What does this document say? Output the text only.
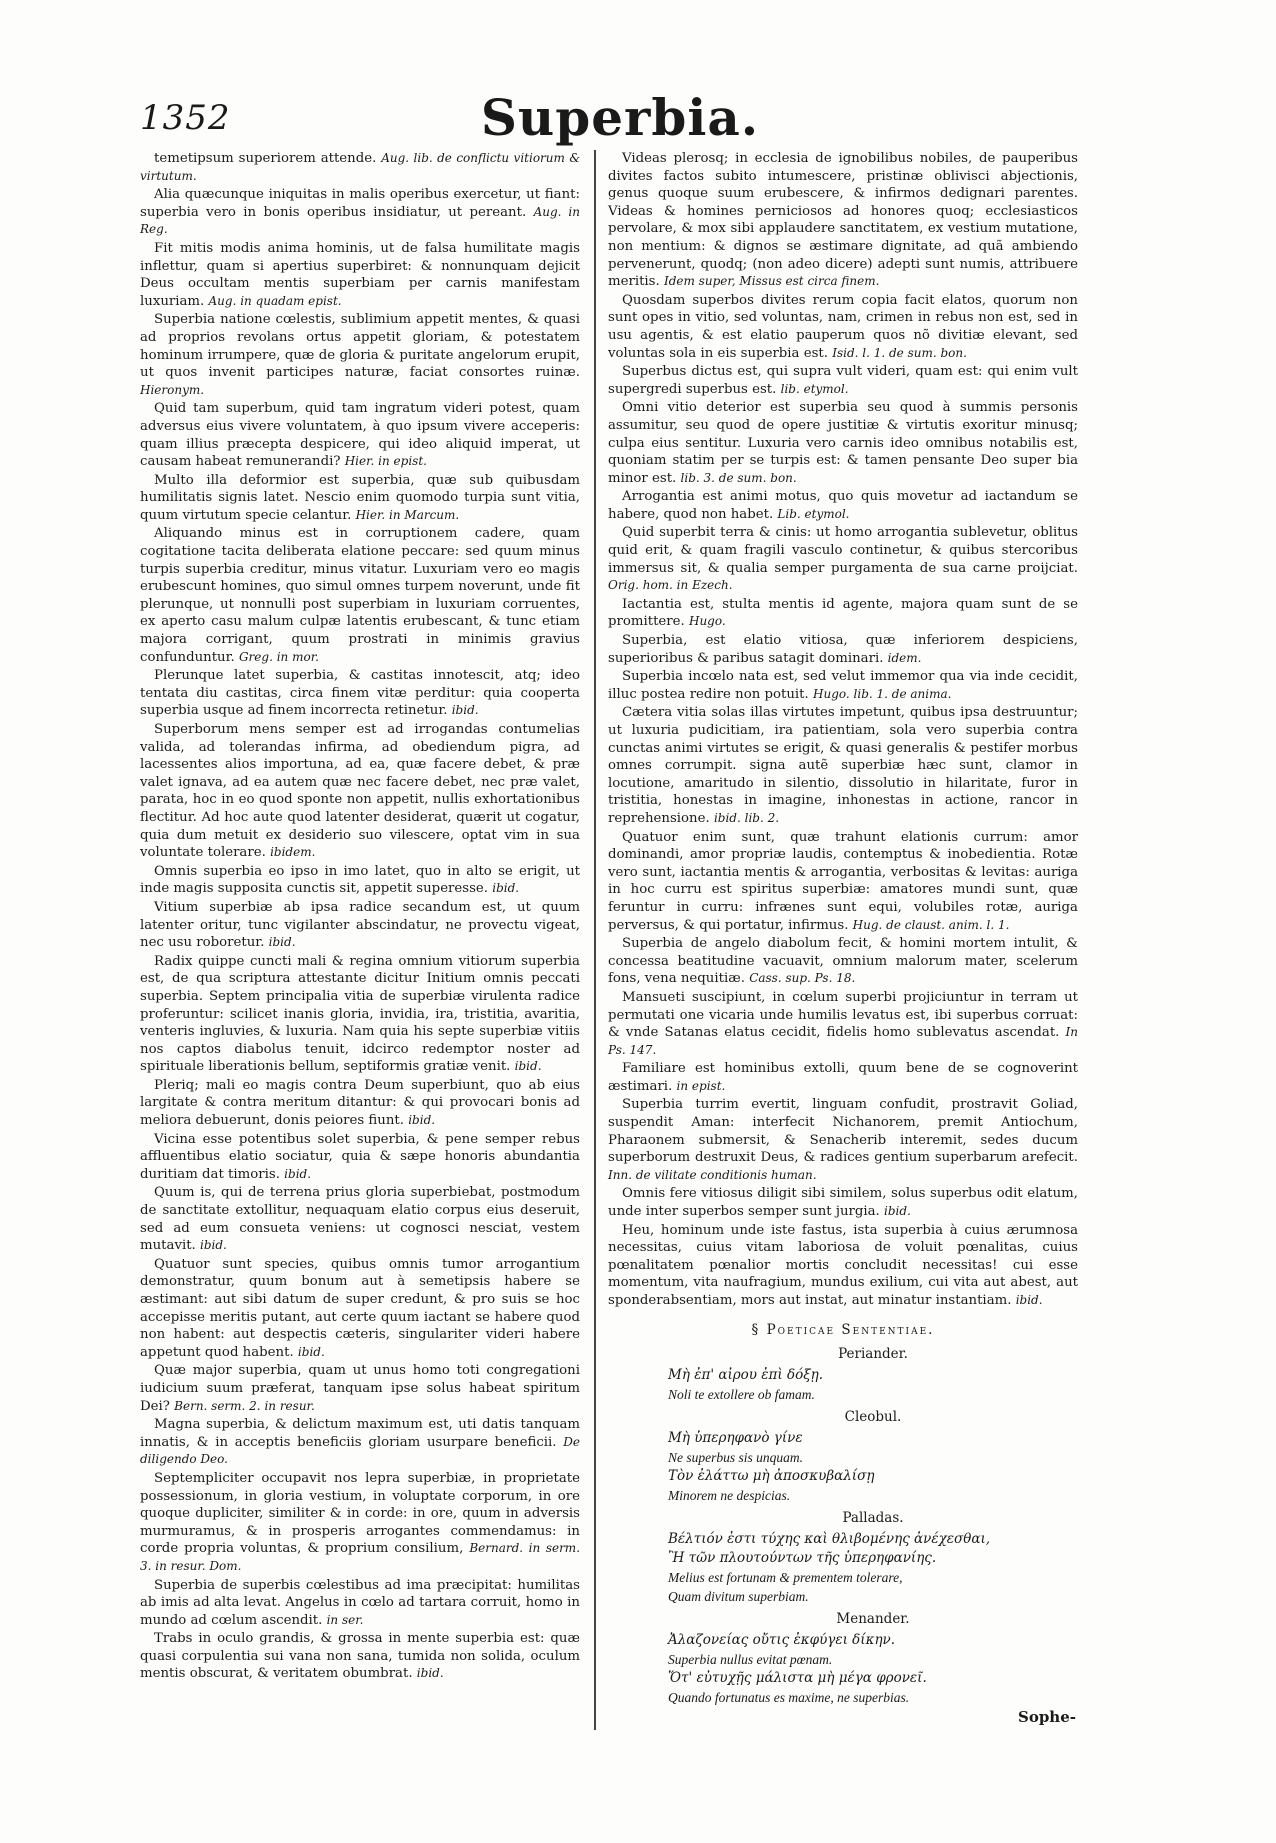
1352	Superbia.
temetipsum superiorem attende. Aug. lib. de conflictu vitiorum & virtutum.
Alia quæcunque iniquitas in malis operibus exercetur, ut fiant: superbia vero in bonis operibus insidiatur, ut pereant. Aug. in Reg.
Fit mitis modis anima hominis, ut de falsa humilitate magis inflettur, quam si apertius superbiret: & nonnunquam dejicit Deus occultam mentis superbiam per carnis manifestam luxuriam. Aug. in quadam epist.
Superbia natione cœlestis, sublimium appetit mentes, & quasi ad proprios revolans ortus appetit gloriam, & potestatem hominum irrumpere, quæ de gloria & puritate angelorum erupit, ut quos invenit participes naturæ, faciat consortes ruinæ. Hieronym.
Quid tam superbum, quid tam ingratum videri potest, quam adversus eius vivere voluntatem, à quo ipsum vivere acceperis: quam illius præcepta despicere, qui ideo aliquid imperat, ut causam habeat remunerandi? Hier. in epist.
Multo illa deformior est superbia, quæ sub quibusdam humilitatis signis latet. Nescio enim quomodo turpia sunt vitia, quum virtutum specie celantur. Hier. in Marcum.
Aliquando minus est in corruptionem cadere, quam cogitatione tacita deliberata elatione peccare: sed quum minus turpis superbia creditur, minus vitatur. Luxuriam vero eo magis erubescunt homines, quo simul omnes turpem noverunt, unde fit plerunque, ut nonnulli post superbiam in luxuriam corruentes, ex aperto casu malum culpæ latentis erubescant, & tunc etiam majora corrigant, quum prostrati in minimis gravius confunduntur. Greg. in mor.
Plerunque latet superbia, & castitas innotescit, atq; ideo tentata diu castitas, circa finem vitæ perditur: quia cooperta superbia usque ad finem incorrecta retinetur. ibid.
Superborum mens semper est ad irrogandas contumelias valida, ad tolerandas infirma, ad obediendum pigra, ad lacessentes alios importuna, ad ea, quæ facere debet, & præ valet ignava, ad ea autem quæ nec facere debet, nec præ valet, parata, hoc in eo quod sponte non appetit, nullis exhortationibus flectitur. Ad hoc aute quod latenter desiderat, quærit ut cogatur, quia dum metuit ex desiderio suo vilescere, optat vim in sua voluntate tolerare. ibidem.
Omnis superbia eo ipso in imo latet, quo in alto se erigit, ut inde magis supposita cunctis sit, appetit superesse. ibid.
Vitium superbiæ ab ipsa radice secandum est, ut quum latenter oritur, tunc vigilanter abscindatur, ne provectu vigeat, nec usu roboretur. ibid.
Radix quippe cuncti mali & regina omnium vitiorum superbia est, de qua scriptura attestante dicitur Initium omnis peccati superbia. Septem principalia vitia de superbiæ virulenta radice proferuntur: scilicet inanis gloria, invidia, ira, tristitia, avaritia, venteris ingluvies, & luxuria. Nam quia his septe superbiæ vitiis nos captos diabolus tenuit, idcirco redemptor noster ad spirituale liberationis bellum, septiformis gratiæ venit. ibid.
Pleriq; mali eo magis contra Deum superbiunt, quo ab eius largitate & contra meritum ditantur: & qui provocari bonis ad meliora debuerunt, donis peiores fiunt. ibid.
Vicina esse potentibus solet superbia, & pene semper rebus affluentibus elatio sociatur, quia & sæpe honoris abundantia duritiam dat timoris. ibid.
Quum is, qui de terrena prius gloria superbiebat, postmodum de sanctitate extollitur, nequaquam elatio corpus eius deseruit, sed ad eum consueta veniens: ut cognosci nesciat, vestem mutavit. ibid.
Quatuor sunt species, quibus omnis tumor arrogantium demonstratur, quum bonum aut à semetipsis habere se æstimant: aut sibi datum de super credunt, & pro suis se hoc accepisse meritis putant, aut certe quum iactant se habere quod non habent: aut despectis cæteris, singulariter videri habere appetunt quod habent. ibid.
Quæ major superbia, quam ut unus homo toti congregationi iudicium suum præferat, tanquam ipse solus habeat spiritum Dei? Bern. serm. 2. in resur.
Magna superbia, & delictum maximum est, uti datis tanquam innatis, & in acceptis beneficiis gloriam usurpare beneficii. De diligendo Deo.
Septempliciter occupavit nos lepra superbiæ, in proprietate possessionum, in gloria vestium, in voluptate corporum, in ore quoque dupliciter, similiter & in corde: in ore, quum in adversis murmuramus, & in prosperis arrogantes commendamus: in corde propria voluntas, & proprium consilium, Bernard. in serm. 3. in resur. Dom.
Superbia de superbis cœlestibus ad ima præcipitat: humilitas ab imis ad alta levat. Angelus in cœlo ad tartara corruit, homo in mundo ad cœlum ascendit. in ser.
Trabs in oculo grandis, & grossa in mente superbia est: quæ quasi corpulentia sui vana non sana, tumida non solida, oculum mentis obscurat, & veritatem obumbrat. ibid.
Videas plerosq; in ecclesia de ignobilibus nobiles, de pauperibus divites factos subito intumescere, pristinæ oblivisci abjectionis, genus quoque suum erubescere, & infirmos dedignari parentes. Videas & homines perniciosos ad honores quoq; ecclesiasticos pervolare, & mox sibi applaudere sanctitatem, ex vestium mutatione, non mentium: & dignos se æstimare dignitate, ad quã ambiendo pervenerunt, quodq; (non adeo dicere) adepti sunt numis, attribuere meritis. Idem super, Missus est circa finem.
Quosdam superbos divites rerum copia facit elatos, quorum non sunt opes in vitio, sed voluntas, nam, crimen in rebus non est, sed in usu agentis, & est elatio pauperum quos nõ divitiæ elevant, sed voluntas sola in eis superbia est. Isid. l. 1. de sum. bon.
Superbus dictus est, qui supra vult videri, quam est: qui enim vult supergredi superbus est. lib. etymol.
Omni vitio deterior est superbia seu quod à summis personis assumitur, seu quod de opere justitiæ & virtutis exoritur minusq; culpa eius sentitur. Luxuria vero carnis ideo omnibus notabilis est, quoniam statim per se turpis est: & tamen pensante Deo super bia minor est. lib. 3. de sum. bon.
Arrogantia est animi motus, quo quis movetur ad iactandum se habere, quod non habet. Lib. etymol.
Quid superbit terra & cinis: ut homo arrogantia sublevetur, oblitus quid erit, & quam fragili vasculo continetur, & quibus stercoribus immersus sit, & qualia semper purgamenta de sua carne proijciat. Orig. hom. in Ezech.
Iactantia est, stulta mentis id agente, majora quam sunt de se promittere. Hugo.
Superbia, est elatio vitiosa, quæ inferiorem despiciens, superioribus & paribus satagit dominari. idem.
Superbia incœlo nata est, sed velut immemor qua via inde cecidit, illuc postea redire non potuit. Hugo. lib. 1. de anima.
Cætera vitia solas illas virtutes impetunt, quibus ipsa destruuntur; ut luxuria pudicitiam, ira patientiam, sola vero superbia contra cunctas animi virtutes se erigit, & quasi generalis & pestifer morbus omnes corrumpit. signa autẽ superbiæ hæc sunt, clamor in locutione, amaritudo in silentio, dissolutio in hilaritate, furor in tristitia, honestas in imagine, inhonestas in actione, rancor in reprehensione. ibid. lib. 2.
Quatuor enim sunt, quæ trahunt elationis currum: amor dominandi, amor propriæ laudis, contemptus & inobedientia. Rotæ vero sunt, iactantia mentis & arrogantia, verbositas & levitas: auriga in hoc curru est spiritus superbiæ: amatores mundi sunt, quæ feruntur in curru: infrænes sunt equi, volubiles rotæ, auriga perversus, & qui portatur, infirmus. Hug. de claust. anim. l. 1.
Superbia de angelo diabolum fecit, & homini mortem intulit, & concessa beatitudine vacuavit, omnium malorum mater, scelerum fons, vena nequitiæ. Cass. sup. Ps. 18.
Mansueti suscipiunt, in cœlum superbi projiciuntur in terram ut permutati one vicaria unde humilis levatus est, ibi superbus corruat: & vnde Satanas elatus cecidit, fidelis homo sublevatus ascendat. In Ps. 147.
Familiare est hominibus extolli, quum bene de se cognoverint æstimari. in epist.
Superbia turrim evertit, linguam confudit, prostravit Goliad, suspendit Aman: interfecit Nichanorem, premit Antiochum, Pharaonem submersit, & Senacherib interemit, sedes ducum superborum destruxit Deus, & radices gentium superbarum arefecit. Inn. de vilitate conditionis human.
Omnis fere vitiosus diligit sibi similem, solus superbus odit elatum, unde inter superbos semper sunt jurgia. ibid.
Heu, hominum unde iste fastus, ista superbia à cuius ærumnosa necessitas, cuius vitam laboriosa de voluit pœnalitas, cuius pœnalitatem pœnalior mortis concludit necessitas! cui esse momentum, vita naufragium, mundus exilium, cui vita aut abest, aut sponderabsentiam, mors aut instat, aut minatur instantiam. ibid.
§ Poeticae Sententiae.
Periander.
Μὴ ἐπ' αἰρου ἐπὶ δόξῃ.
Noli te extollere ob famam.
Cleobul.
Μὴ ὑπερηφανὸ γίνε
Ne superbus sis unquam.
Τὸν ἐλάττω μὴ ἀποσκυβαλίσῃ
Minorem ne despicias.
Palladas.
Βέλτιόν ἐστι τύχης καὶ θλιβομένης ἀνέχεσθαι,
Ἢ τῶν πλουτούντων τῆς ὑπερηφανίης.
Melius est fortunam & prementem tolerare,
Quam divitum superbiam.
Menander.
Ἀλαζονείας οὔτις ἐκφύγει δίκην.
Superbia nullus evitat pœnam.
Ὅτ' εὐτυχῇς μάλιστα μὴ μέγα φρονεῖ.
Quando fortunatus es maxime, ne superbias.
Sophe-
